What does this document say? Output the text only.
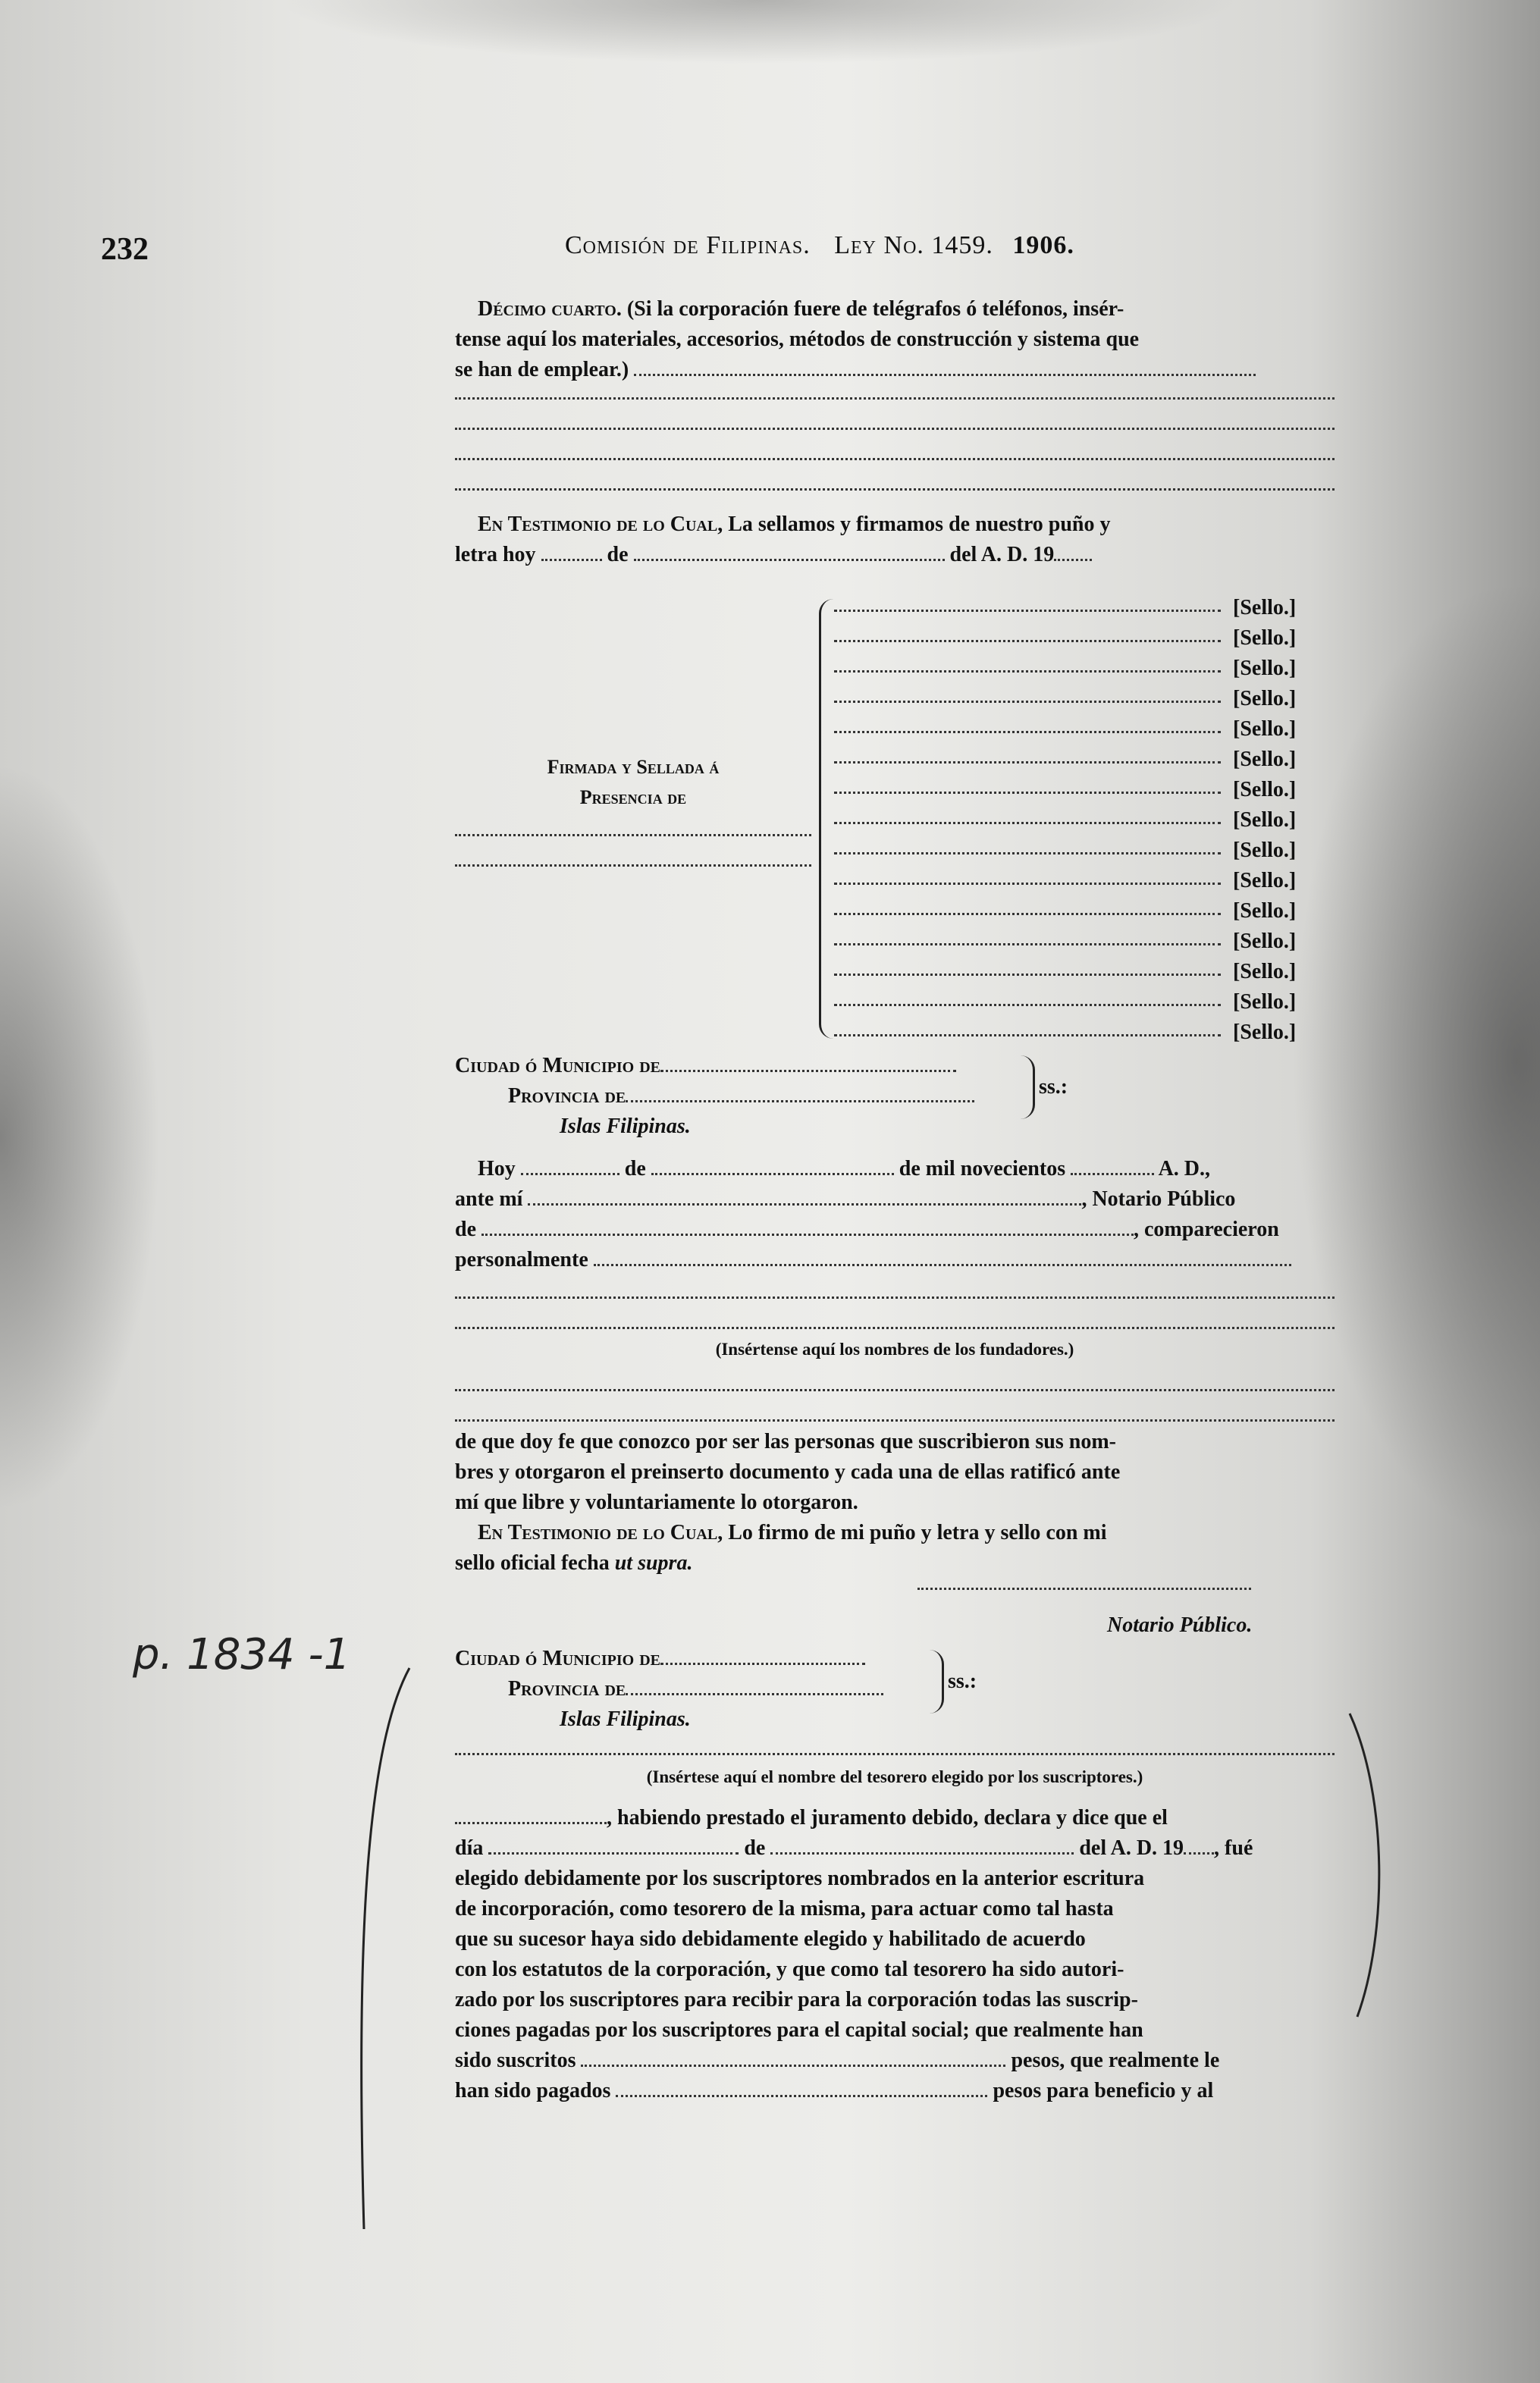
232	Comisión de Filipinas. Ley No. 1459. 1906.
Décimo cuarto. (Si la corporación fuere de telégrafos ó teléfonos, insér-
tense aquí los materiales, accesorios, métodos de construcción y sistema que
se han de emplear.)
En Testimonio de lo Cual, La sellamos y firmamos de nuestro puño y
letra hoy	de	del A. D. 19
Firmada y Sellada á
Presencia de
[Sello.]
[Sello.]
[Sello.]
[Sello.]
[Sello.]
[Sello.]
[Sello.]
[Sello.]
[Sello.]
[Sello.]
[Sello.]
[Sello.]
[Sello.]
[Sello.]
[Sello.]
Ciudad ó Municipio de
Provincia de
Islas Filipinas.
ss.:
Hoy	de	de mil novecientos	A. D.,
ante mí	, Notario Público
de	, comparecieron
personalmente
(Insértense aquí los nombres de los fundadores.)
de que doy fe que conozco por ser las personas que suscribieron sus nom-
bres y otorgaron el preinserto documento y cada una de ellas ratificó ante
mí que libre y voluntariamente lo otorgaron.
En Testimonio de lo Cual, Lo firmo de mi puño y letra y sello con mi
sello oficial fecha ut supra.
Notario Público.
p. 1834 -1	Ciudad ó Municipio de
Provincia de
Islas Filipinas.
ss.:
(Insértese aquí el nombre del tesorero elegido por los suscriptores.)
, habiendo prestado el juramento debido, declara y dice que el
día	de	del A. D. 19 , fué
elegido debidamente por los suscriptores nombrados en la anterior escritura
de incorporación, como tesorero de la misma, para actuar como tal hasta
que su sucesor haya sido debidamente elegido y habilitado de acuerdo
con los estatutos de la corporación, y que como tal tesorero ha sido autori-
zado por los suscriptores para recibir para la corporación todas las suscrip-
ciones pagadas por los suscriptores para el capital social; que realmente han
sido suscritos	pesos, que realmente le
han sido pagados	pesos para beneficio y al
